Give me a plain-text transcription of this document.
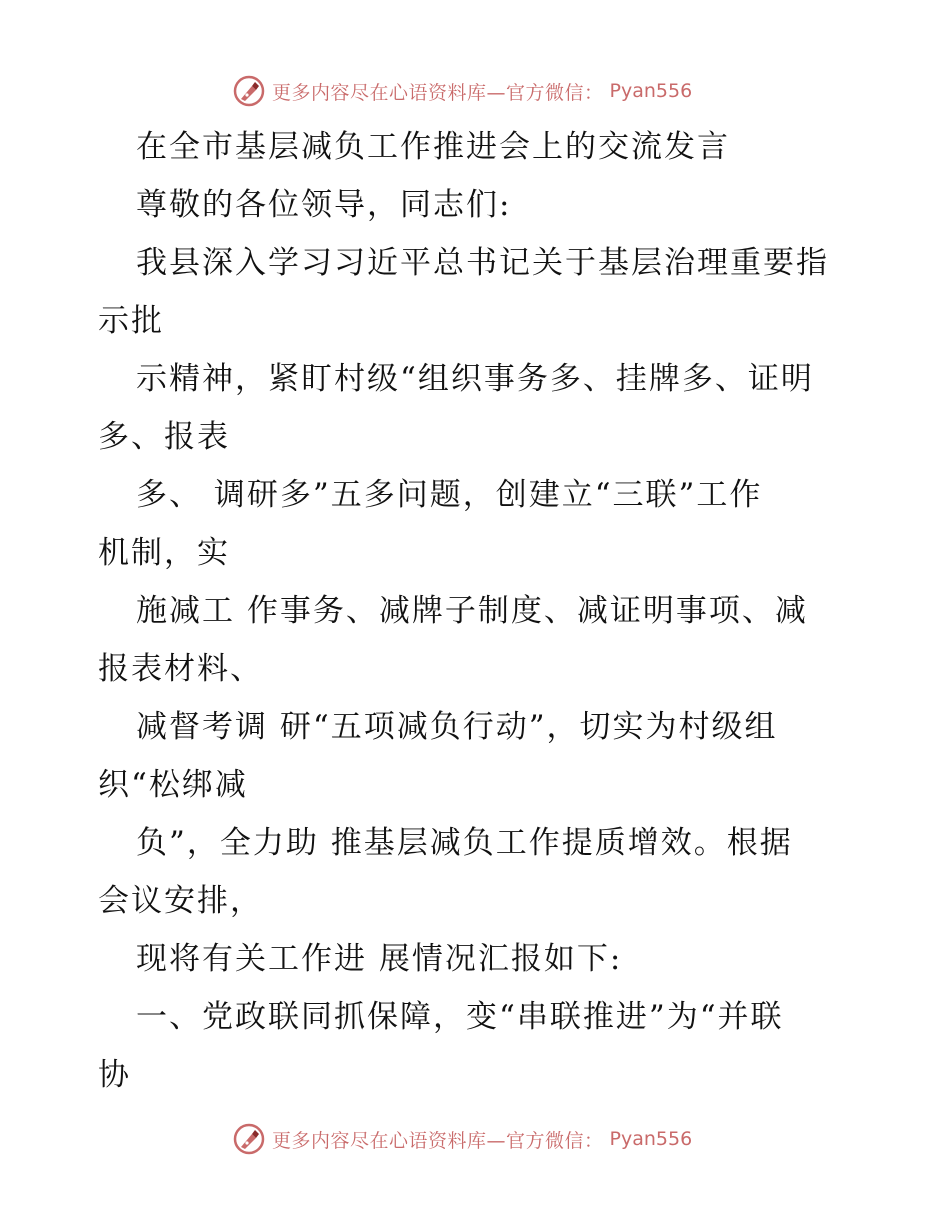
更多内容尽在心语资料库—官方微信： Pyan556
在全市基层减负工作推进会上的交流发言
尊敬的各位领导，同志们:
我县深入学习习近平总书记关于基层治理重要指
示批
示精神，紧盯村级“组织事务多、挂牌多、证明
多、报表
多、 调研多”五多问题，创建立“三联”工作
机制，实
施减工 作事务、减牌子制度、减证明事项、减
报表材料、
减督考调 研“五项减负行动”，切实为村级组
织“松绑减
负”，全力助 推基层减负工作提质增效。根据
会议安排，
现将有关工作进 展情况汇报如下:
一、党政联同抓保障，变“串联推进”为“并联
协
更多内容尽在心语资料库—官方微信： Pyan556
